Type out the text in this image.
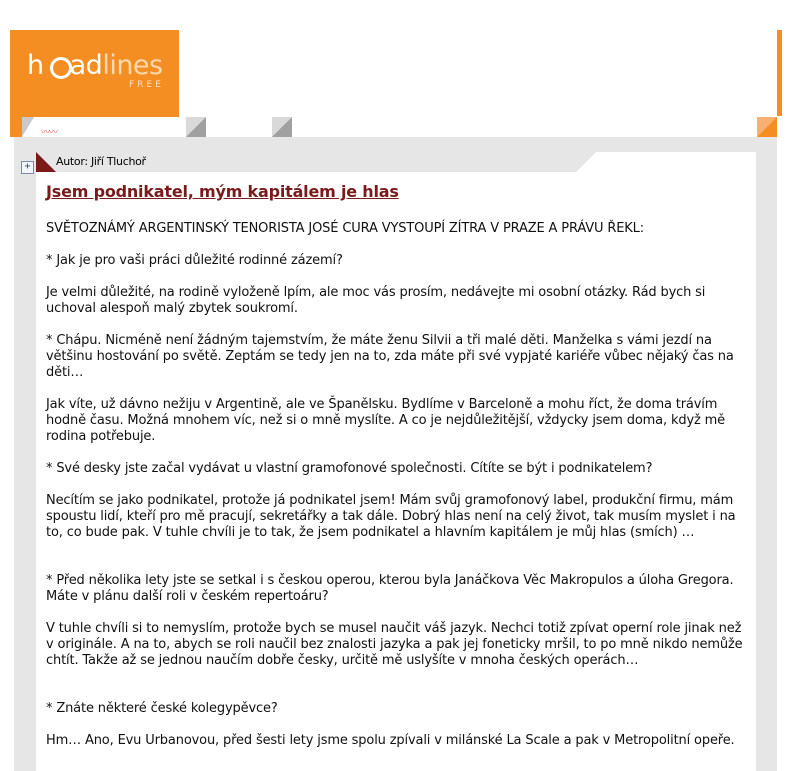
h adlines
FREE
〰〰
+	Autor: Jiří Tluchoř
Jsem podnikatel, mým kapitálem je hlas
SVĚTOZNÁMÝ ARGENTINSKÝ TENORISTA JOSÉ CURA VYSTOUPÍ ZÍTRA V PRAZE A PRÁVU ŘEKL:
* Jak je pro vaši práci důležité rodinné zázemí?
Je velmi důležité, na rodině vyloženě lpím, ale moc vás prosím, nedávejte mi osobní otázky. Rád bych si uchoval alespoň malý zbytek soukromí.
* Chápu. Nicméně není žádným tajemstvím, že máte ženu Silvii a tři malé děti. Manželka s vámi jezdí na většinu hostování po světě. Zeptám se tedy jen na to, zda máte při své vypjaté kariéře vůbec nějaký čas na děti…
Jak víte, už dávno nežiju v Argentině, ale ve Španělsku. Bydlíme v Barceloně a mohu říct, že doma trávím hodně času. Možná mnohem víc, než si o mně myslíte. A co je nejdůležitější, vždycky jsem doma, když mě rodina potřebuje.
* Své desky jste začal vydávat u vlastní gramofonové společnosti. Cítíte se být i podnikatelem?
Necítím se jako podnikatel, protože já podnikatel jsem! Mám svůj gramofonový label, produkční firmu, mám spoustu lidí, kteří pro mě pracují, sekretářky a tak dále. Dobrý hlas není na celý život, tak musím myslet i na to, co bude pak. V tuhle chvíli je to tak, že jsem podnikatel a hlavním kapitálem je můj hlas (smích) …
* Před několika lety jste se setkal i s českou operou, kterou byla Janáčkova Věc Makropulos a úloha Gregora. Máte v plánu další roli v českém repertoáru?
V tuhle chvíli si to nemyslím, protože bych se musel naučit váš jazyk. Nechci totiž zpívat operní role jinak než v originále. A na to, abych se roli naučil bez znalosti jazyka a pak jej foneticky mršil, to po mně nikdo nemůže chtít. Takže až se jednou naučím dobře česky, určitě mě uslyšíte v mnoha českých operách…
* Znáte některé české kolegypěvce?
Hm… Ano, Evu Urbanovou, před šesti lety jsme spolu zpívali v milánské La Scale a pak v Metropolitní opeře.
